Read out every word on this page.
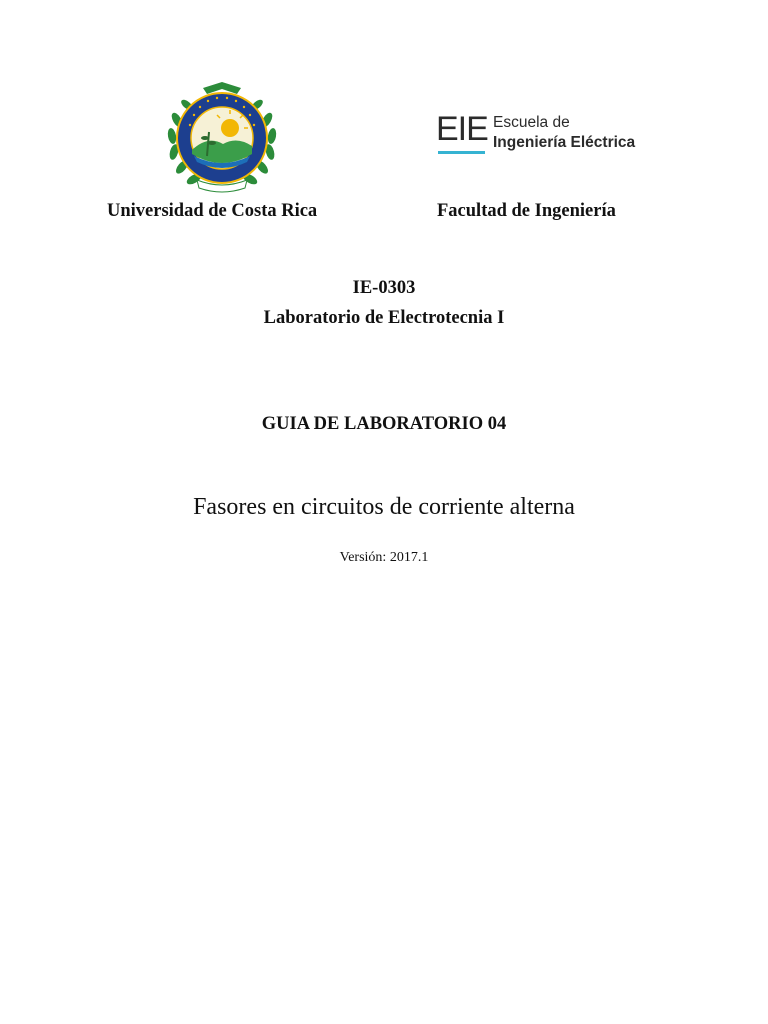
EIE Escuela de
Ingeniería Eléctrica
Universidad de Costa Rica	Facultad de Ingeniería
IE-0303
Laboratorio de Electrotecnia I
GUIA DE LABORATORIO 04
Fasores en circuitos de corriente alterna
Versión: 2017.1
